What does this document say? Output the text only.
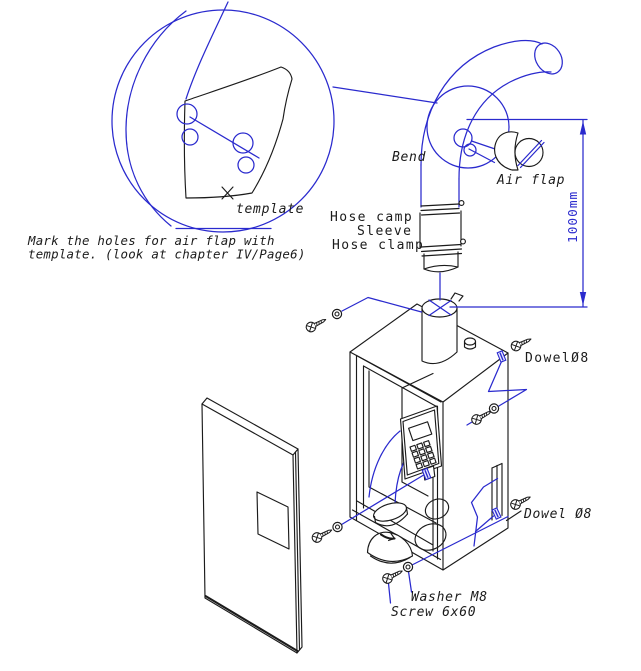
1000mm
template
Mark the holes for air flap with
template. (look at chapter IV/Page6)
Bend
Air flap
Hose camp
Sleeve
Hose clamp
DowelØ8
Dowel Ø8
Washer M8
Screw 6x60
